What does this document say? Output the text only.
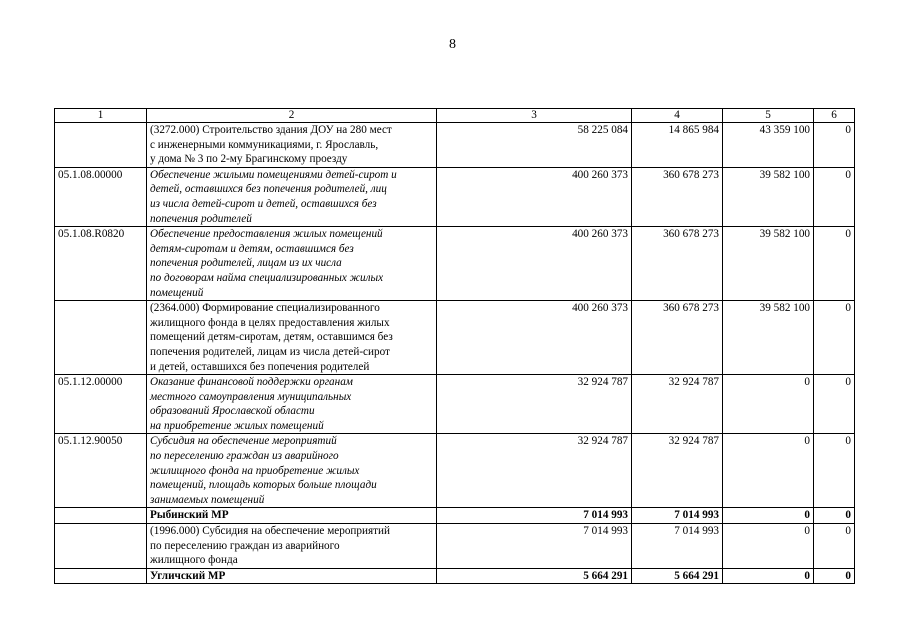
8
1	2	3	4	5	6

	(3272.000) Строительство здания ДОУ на 280 мест
с инженерными коммуникациями, г. Ярославль,
у дома № 3 по 2-му Брагинскому проезду	58 225 084	14 865 984	43 359 100	0
05.1.08.00000	Обеспечение жилыми помещениями детей-сирот и
детей, оставшихся без попечения родителей, лиц
из числа детей-сирот и детей, оставшихся без
попечения родителей	400 260 373	360 678 273	39 582 100	0
05.1.08.R0820	Обеспечение предоставления жилых помещений
детям-сиротам и детям, оставшимся без
попечения родителей, лицам из их числа
по договорам найма специализированных жилых
помещений	400 260 373	360 678 273	39 582 100	0

	(2364.000) Формирование специализированного
жилищного фонда в целях предоставления жилых
помещений детям-сиротам, детям, оставшимся без
попечения родителей, лицам из числа детей-сирот
и детей, оставшихся без попечения родителей	400 260 373	360 678 273	39 582 100	0
05.1.12.00000	Оказание финансовой поддержки органам
местного самоуправления муниципальных
образований Ярославской области
на приобретение жилых помещений	32 924 787	32 924 787	0	0
05.1.12.90050	Субсидия на обеспечение мероприятий
по переселению граждан из аварийного
жилищного фонда на приобретение жилых
помещений, площадь которых больше площади
занимаемых помещений	32 924 787	32 924 787	0	0

	Рыбинский МР	7 014 993	7 014 993	0	0

	(1996.000) Субсидия на обеспечение мероприятий
по переселению граждан из аварийного
жилищного фонда	7 014 993	7 014 993	0	0

	Угличский МР	5 664 291	5 664 291	0	0
